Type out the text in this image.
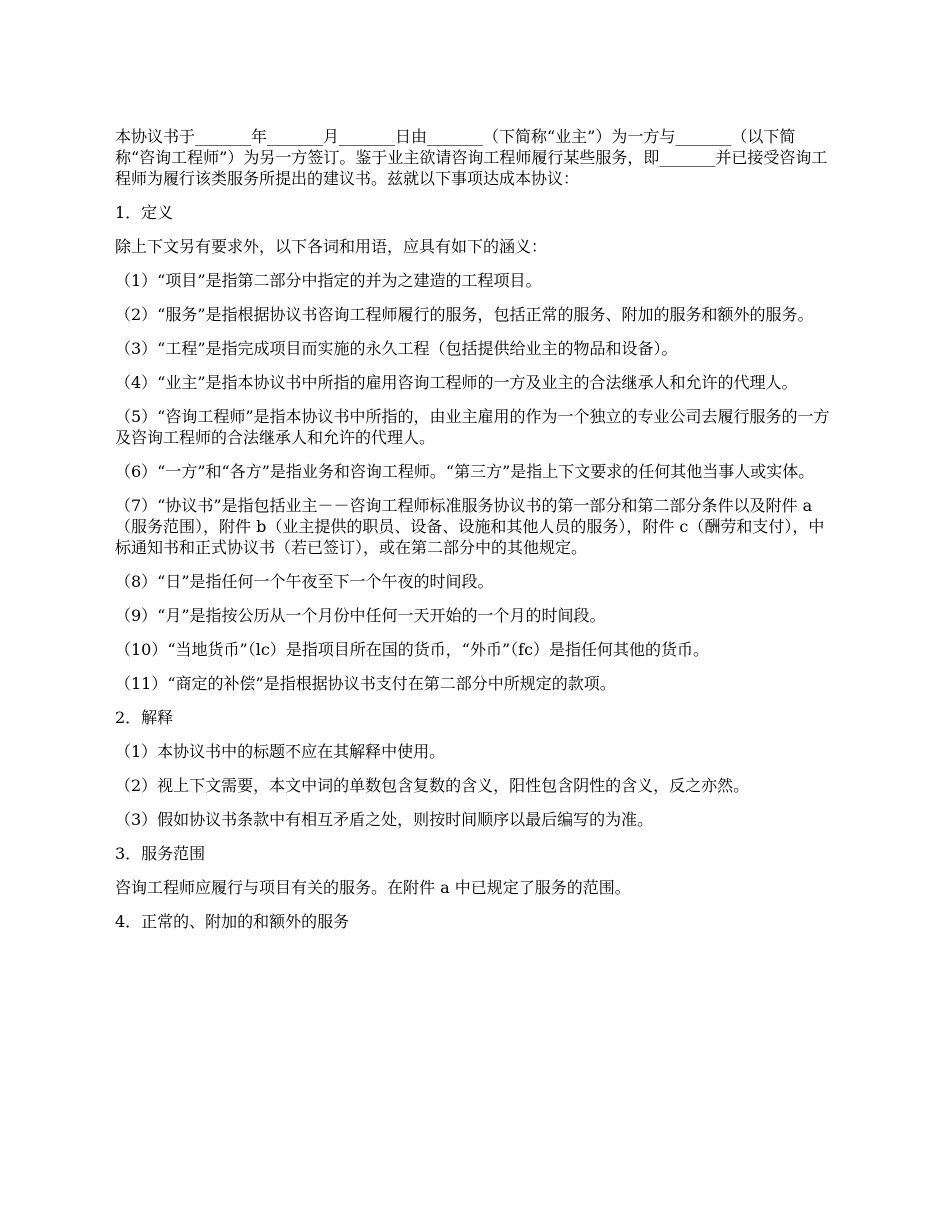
本协议书于_______年_______月_______日由_______（下简称“业主”）为一方与_______（以下简称“咨询工程师”）为另一方签订。鉴于业主欲请咨询工程师履行某些服务，即_______并已接受咨询工程师为履行该类服务所提出的建议书。兹就以下事项达成本协议：

1．定义

除上下文另有要求外，以下各词和用语，应具有如下的涵义：

（1）“项目”是指第二部分中指定的并为之建造的工程项目。

（2）“服务”是指根据协议书咨询工程师履行的服务，包括正常的服务、附加的服务和额外的服务。

（3）“工程”是指完成项目而实施的永久工程（包括提供给业主的物品和设备）。

（4）“业主”是指本协议书中所指的雇用咨询工程师的一方及业主的合法继承人和允许的代理人。

（5）“咨询工程师”是指本协议书中所指的，由业主雇用的作为一个独立的专业公司去履行服务的一方及咨询工程师的合法继承人和允许的代理人。

（6）“一方”和“各方”是指业务和咨询工程师。“第三方”是指上下文要求的任何其他当事人或实体。

（7）“协议书”是指包括业主－－咨询工程师标准服务协议书的第一部分和第二部分条件以及附件 a（服务范围），附件 b（业主提供的职员、设备、设施和其他人员的服务），附件 c（酬劳和支付），中标通知书和正式协议书（若已签订），或在第二部分中的其他规定。

（8）“日”是指任何一个午夜至下一个午夜的时间段。

（9）“月”是指按公历从一个月份中任何一天开始的一个月的时间段。

（10）“当地货币”（lc）是指项目所在国的货币，“外币”（fc）是指任何其他的货币。

（11）“商定的补偿”是指根据协议书支付在第二部分中所规定的款项。

2．解释

（1）本协议书中的标题不应在其解释中使用。

（2）视上下文需要，本文中词的单数包含复数的含义，阳性包含阴性的含义，反之亦然。

（3）假如协议书条款中有相互矛盾之处，则按时间顺序以最后编写的为准。

3．服务范围

咨询工程师应履行与项目有关的服务。在附件 a 中已规定了服务的范围。

4．正常的、附加的和额外的服务
